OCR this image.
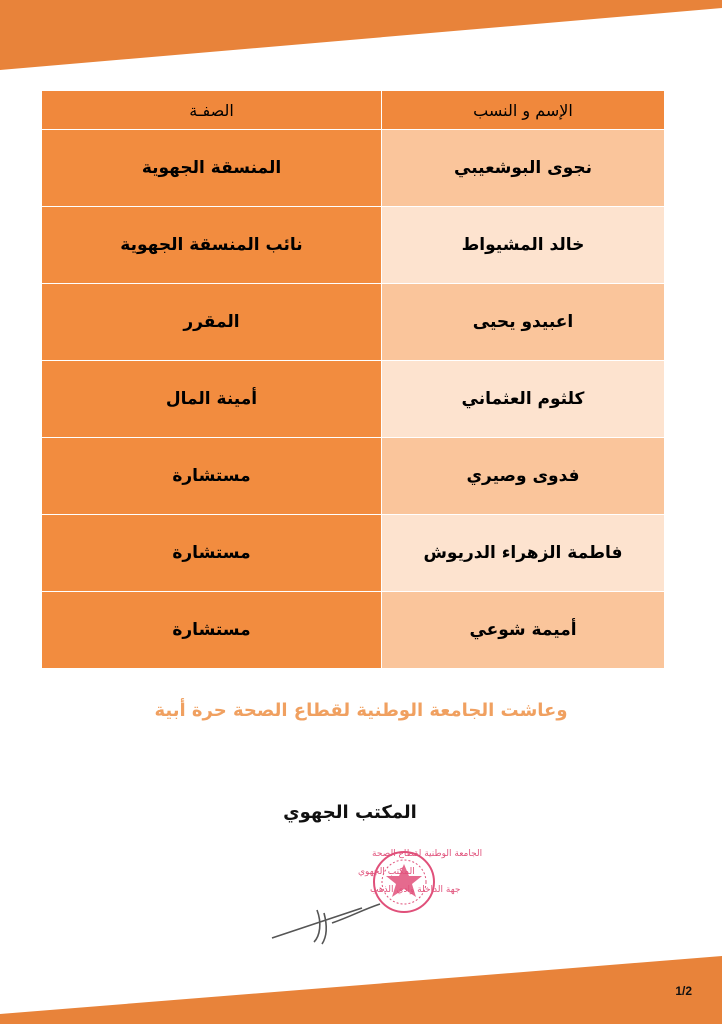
الإسم و النسب	الصفـة
نجوى البوشعيبي	المنسقة الجهوية
خالد المشيواط	نائب المنسقة الجهوية
اعبيدو يحيى	المقرر
كلثوم العثماني	أمينة المال
فدوى وصيري	مستشارة
فاطمة الزهراء الدريوش	مستشارة
أميمة شوعي	مستشارة
وعاشت الجامعة الوطنية لقطاع الصحة حرة أبية
المكتب الجهوي
الجامعة الوطنية لقطاع الصحة
المكتب الجهوي
جهة الداخلة وادي الذهب
1/2
